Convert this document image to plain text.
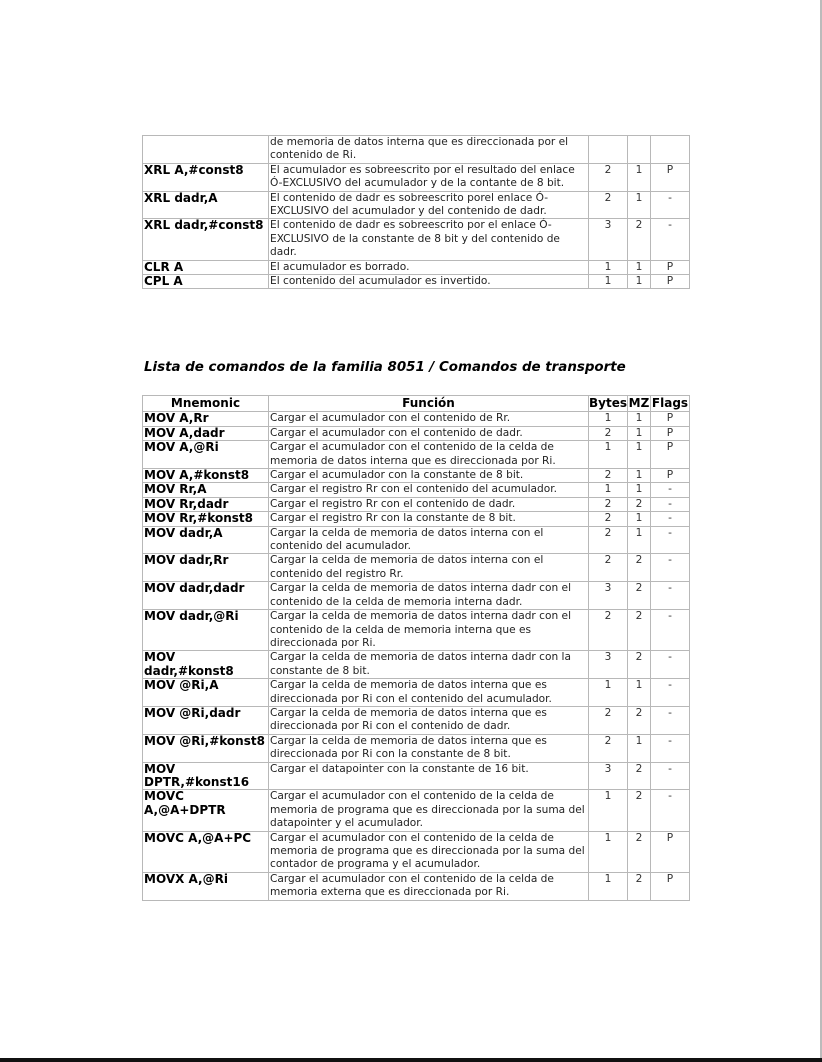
	de memoria de datos interna que es direccionada por el contenido de Ri.			
XRL A,#const8	El acumulador es sobreescrito por el resultado del enlace Ó-EXCLUSIVO del acumulador y de la contante de 8 bit.	2	1	P
XRL dadr,A	El contenido de dadr es sobreescrito porel enlace Ó-EXCLUSIVO del acumulador y del contenido de dadr.	2	1	-
XRL dadr,#const8	El contenido de dadr es sobreescrito por el enlace Ó-EXCLUSIVO de la constante de 8 bit y del contenido de dadr.	3	2	-
CLR A	El acumulador es borrado.	1	1	P
CPL A	El contenido del acumulador es invertido.	1	1	P
Lista de comandos de la familia 8051 / Comandos de transporte
Mnemonic	Función	Bytes	MZ	Flags
MOV A,Rr	Cargar el acumulador con el contenido de Rr.	1	1	P
MOV A,dadr	Cargar el acumulador con el contenido de dadr.	2	1	P
MOV A,@Ri	Cargar el acumulador con el contenido de la celda de memoria de datos interna que es direccionada por Ri.	1	1	P
MOV A,#konst8	Cargar el acumulador con la constante de 8 bit.	2	1	P
MOV Rr,A	Cargar el registro Rr con el contenido del acumulador.	1	1	-
MOV Rr,dadr	Cargar el registro Rr con el contenido de dadr.	2	2	-
MOV Rr,#konst8	Cargar el registro Rr con la constante de 8 bit.	2	1	-
MOV dadr,A	Cargar la celda de memoria de datos interna con el contenido del acumulador.	2	1	-
MOV dadr,Rr	Cargar la celda de memoria de datos interna con el contenido del registro Rr.	2	2	-
MOV dadr,dadr	Cargar la celda de memoria de datos interna dadr con el contenido de la celda de memoria interna dadr.	3	2	-
MOV dadr,@Ri	Cargar la celda de memoria de datos interna dadr con el contenido de la celda de memoria interna que es direccionada por Ri.	2	2	-
MOV dadr,#konst8	Cargar la celda de memoria de datos interna dadr con la constante de 8 bit.	3	2	-
MOV @Ri,A	Cargar la celda de memoria de datos interna que es direccionada por Ri con el contenido del acumulador.	1	1	-
MOV @Ri,dadr	Cargar la celda de memoria de datos interna que es direccionada por Ri con el contenido de dadr.	2	2	-
MOV @Ri,#konst8	Cargar la celda de memoria de datos interna que es direccionada por Ri con la constante de 8 bit.	2	1	-
MOV DPTR,#konst16	Cargar el datapointer con la constante de 16 bit.	3	2	-
MOVC A,@A+DPTR	Cargar el acumulador con el contenido de la celda de memoria de programa que es direccionada por la suma del datapointer y el acumulador.	1	2	-
MOVC A,@A+PC	Cargar el acumulador con el contenido de la celda de memoria de programa que es direccionada por la suma del contador de programa y el acumulador.	1	2	P
MOVX A,@Ri	Cargar el acumulador con el contenido de la celda de memoria externa que es direccionada por Ri.	1	2	P
